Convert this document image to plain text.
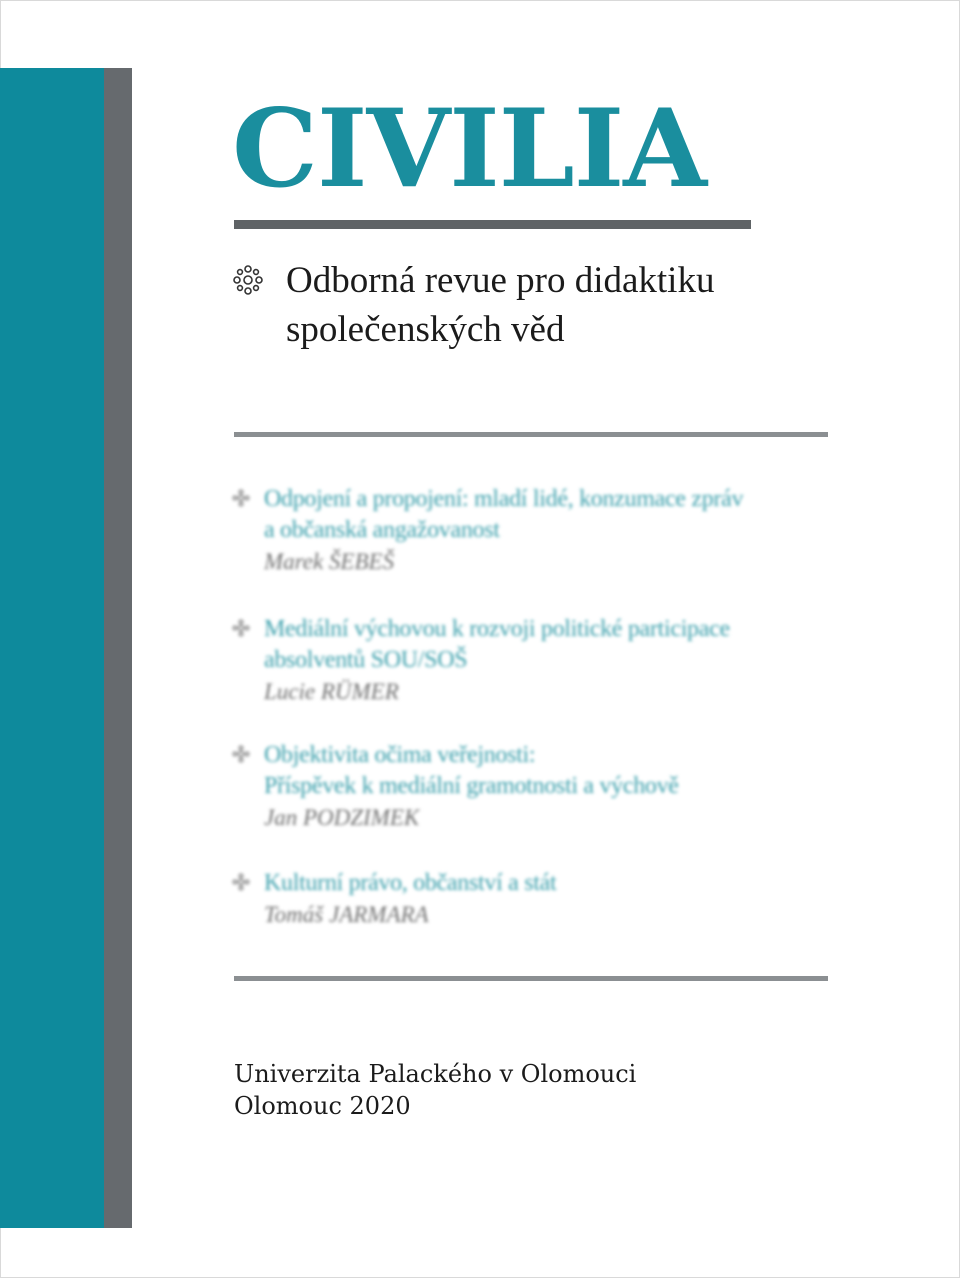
CIVILIA

Odborná revue pro didaktiku
společenských věd

Odpojení a propojení: mladí lidé, konzumace zpráv
a občanská angažovanost
Marek ŠEBEŠ
Mediální výchovou k rozvoji politické participace
absolventů SOU/SOŠ
Lucie RÜMER
Objektivita očima veřejnosti:
Příspěvek k mediální gramotnosti a výchově
Jan PODZIMEK
Kulturní právo, občanství a stát
Tomáš JARMARA

Univerzita Palackého v Olomouci
Olomouc 2020
